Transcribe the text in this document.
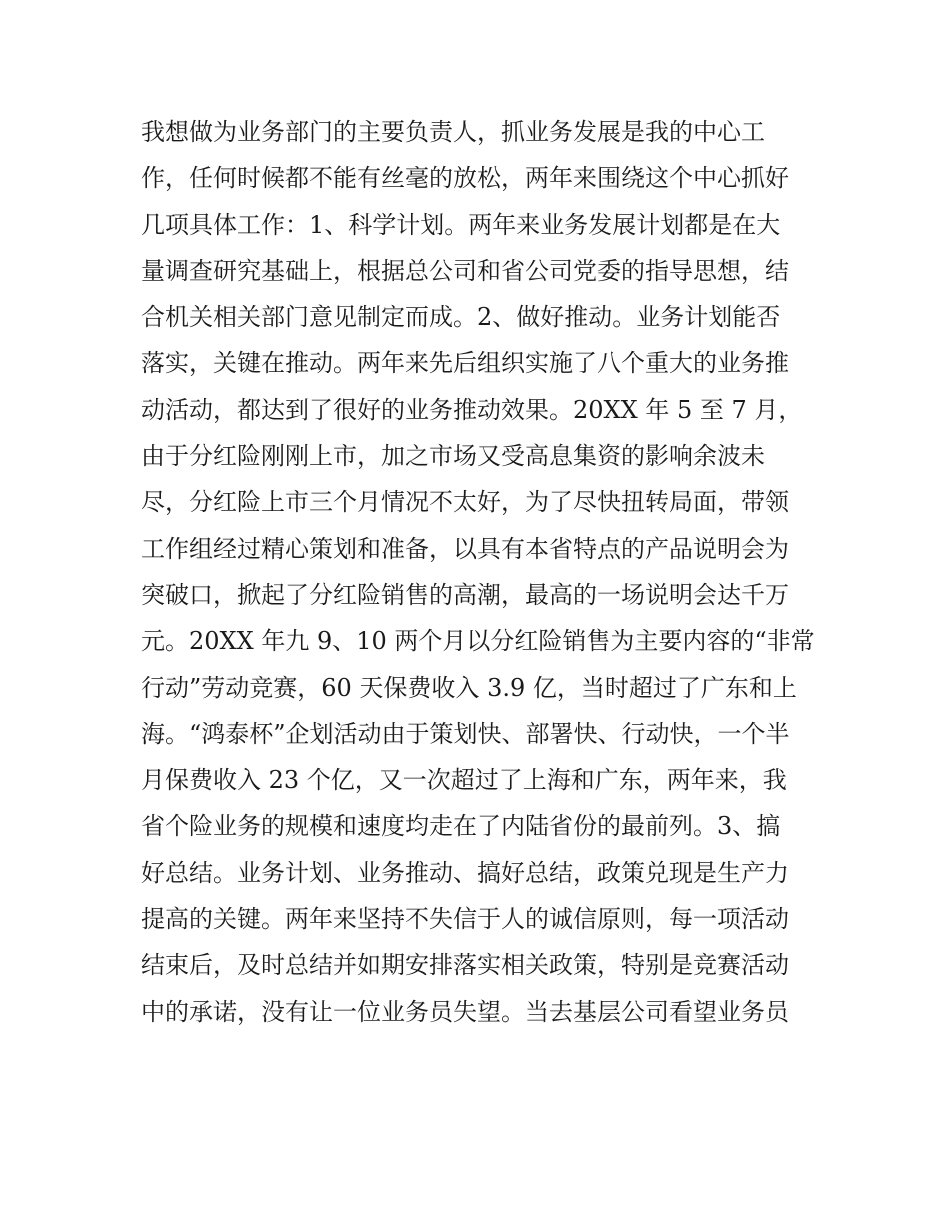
我想做为业务部门的主要负责人，抓业务发展是我的中心工
作，任何时候都不能有丝毫的放松，两年来围绕这个中心抓好
几项具体工作：1、科学计划。两年来业务发展计划都是在大
量调查研究基础上，根据总公司和省公司党委的指导思想，结
合机关相关部门意见制定而成。2、做好推动。业务计划能否
落实，关键在推动。两年来先后组织实施了八个重大的业务推
动活动，都达到了很好的业务推动效果。20XX 年 5 至 7 月，
由于分红险刚刚上市，加之市场又受高息集资的影响余波未
尽，分红险上市三个月情况不太好，为了尽快扭转局面，带领
工作组经过精心策划和准备，以具有本省特点的产品说明会为
突破口，掀起了分红险销售的高潮，最高的一场说明会达千万
元。20XX 年九 9、10 两个月以分红险销售为主要内容的“非常
行动”劳动竞赛，60 天保费收入 3.9 亿，当时超过了广东和上
海。“鸿泰杯”企划活动由于策划快、部署快、行动快，一个半
月保费收入 23 个亿，又一次超过了上海和广东，两年来，我
省个险业务的规模和速度均走在了内陆省份的最前列。3、搞
好总结。业务计划、业务推动、搞好总结，政策兑现是生产力
提高的关键。两年来坚持不失信于人的诚信原则，每一项活动
结束后，及时总结并如期安排落实相关政策，特别是竞赛活动
中的承诺，没有让一位业务员失望。当去基层公司看望业务员
